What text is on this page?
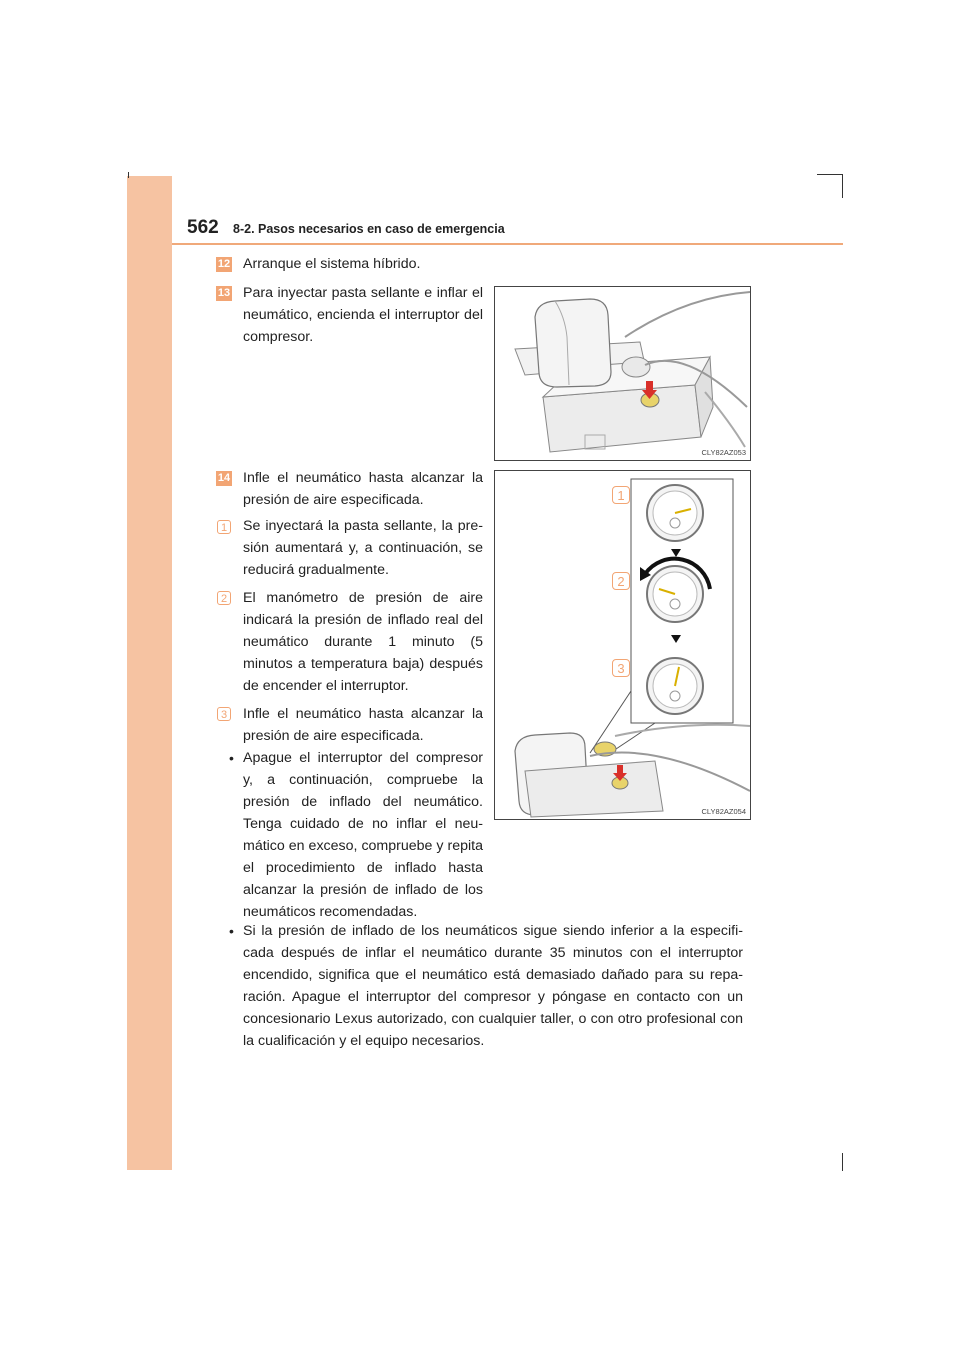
562 8-2. Pasos necesarios en caso de emergencia
12 Arranque el sistema híbrido.
13 Para inyectar pasta sellante e inflar el neumático, encienda el interruptor del compresor.
CLY82AZ053
14 Infle el neumático hasta alcanzar la presión de aire especificada.
1 Se inyectará la pasta sellante, la presión aumentará y, a continuación, se reducirá gradualmente.
2 El manómetro de presión de aire indicará la presión de inflado real del neumático durante 1 minuto (5 minutos a temperatura baja) después de encender el interruptor.
3 Infle el neumático hasta alcanzar la presión de aire especificada.
• Apague el interruptor del compresor y, a continuación, compruebe la presión de inflado del neumático. Tenga cuidado de no inflar el neumático en exceso, compruebe y repita el procedimiento de inflado hasta alcanzar la presión de inflado de los neumáticos recomendadas.
• Si la presión de inflado de los neumáticos sigue siendo inferior a la especificada después de inflar el neumático durante 35 minutos con el interruptor encendido, significa que el neumático está demasiado dañado para su reparación. Apague el interruptor del compresor y póngase en contacto con un concesionario Lexus autorizado, con cualquier taller, o con otro profesional con la cualificación y el equipo necesarios.
1
2
3
CLY82AZ054
